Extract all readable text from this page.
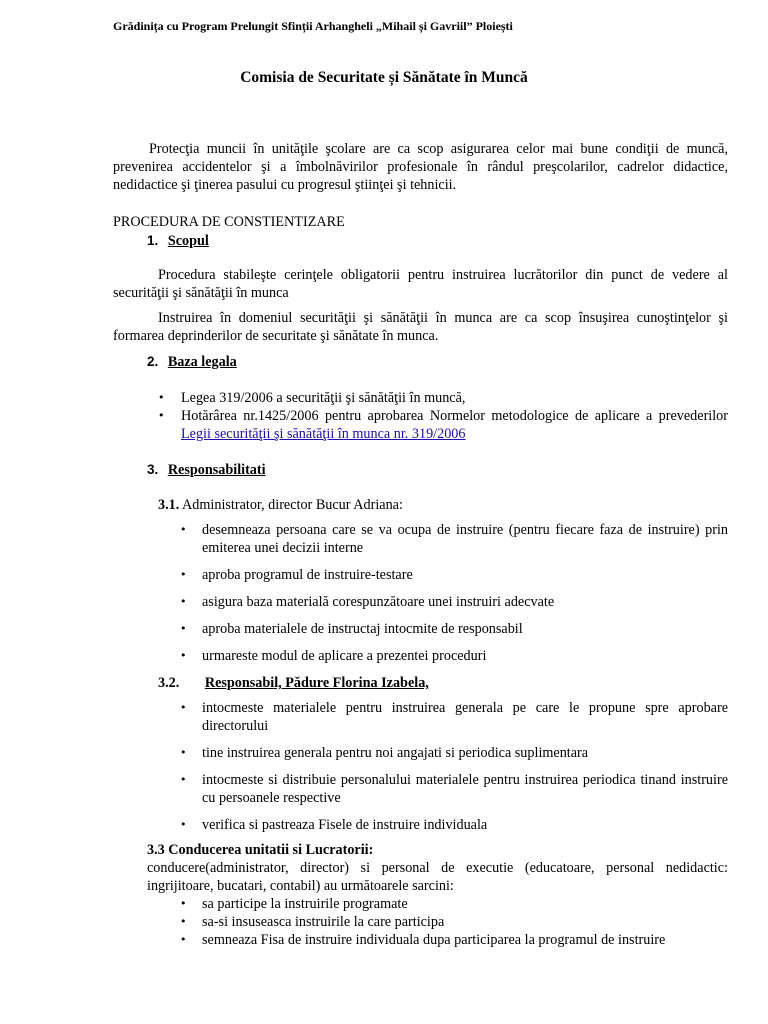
Grădinița cu Program Prelungit Sfinții Arhangheli „Mihail și Gavriil” Ploiești
Comisia de Securitate și Sănătate în Muncă
Protecţia muncii în unităţile şcolare are ca scop asigurarea celor mai bune condiţii de muncă, prevenirea accidentelor şi a îmbolnăvirilor profesionale în rândul preşcolarilor, cadrelor didactice, nedidactice şi ţinerea pasului cu progresul ştiinţei şi tehnicii.
PROCEDURA DE CONSTIENTIZARE
1. Scopul
Procedura stabileşte cerinţele obligatorii pentru instruirea lucrătorilor din punct de vedere al securităţii şi sănătăţii în munca
Instruirea în domeniul securităţii şi sănătăţii în munca are ca scop însuşirea cunoştinţelor şi formarea deprinderilor de securitate şi sănătate în munca.
2. Baza legala
• Legea 319/2006 a securităţii şi sănătăţii în muncă,
• Hotărârea nr.1425/2006 pentru aprobarea Normelor metodologice de aplicare a prevederilor Legii securităţii şi sănătăţii în munca nr. 319/2006
3. Responsabilitati
3.1. Administrator, director Bucur Adriana:
• desemneaza persoana care se va ocupa de instruire (pentru fiecare faza de instruire) prin emiterea unei decizii interne
• aproba programul de instruire-testare
• asigura baza materială corespunzătoare unei instruiri adecvate
• aproba materialele de instructaj intocmite de responsabil
• urmareste modul de aplicare a prezentei proceduri
3.2. Responsabil, Pădure Florina Izabela,
• intocmeste materialele pentru instruirea generala pe care le propune spre aprobare directorului
• tine instruirea generala pentru noi angajati si periodica suplimentara
• intocmeste si distribuie personalului materialele pentru instruirea periodica tinand instruire cu persoanele respective
• verifica si pastreaza Fisele de instruire individuala
3.3 Conducerea unitatii si Lucratorii:
conducere(administrator, director) si personal de executie (educatoare, personal nedidactic: ingrijitoare, bucatari, contabil) au următoarele sarcini:
• sa participe la instruirile programate
• sa-si insuseasca instruirile la care participa
• semneaza Fisa de instruire individuala dupa participarea la programul de instruire
